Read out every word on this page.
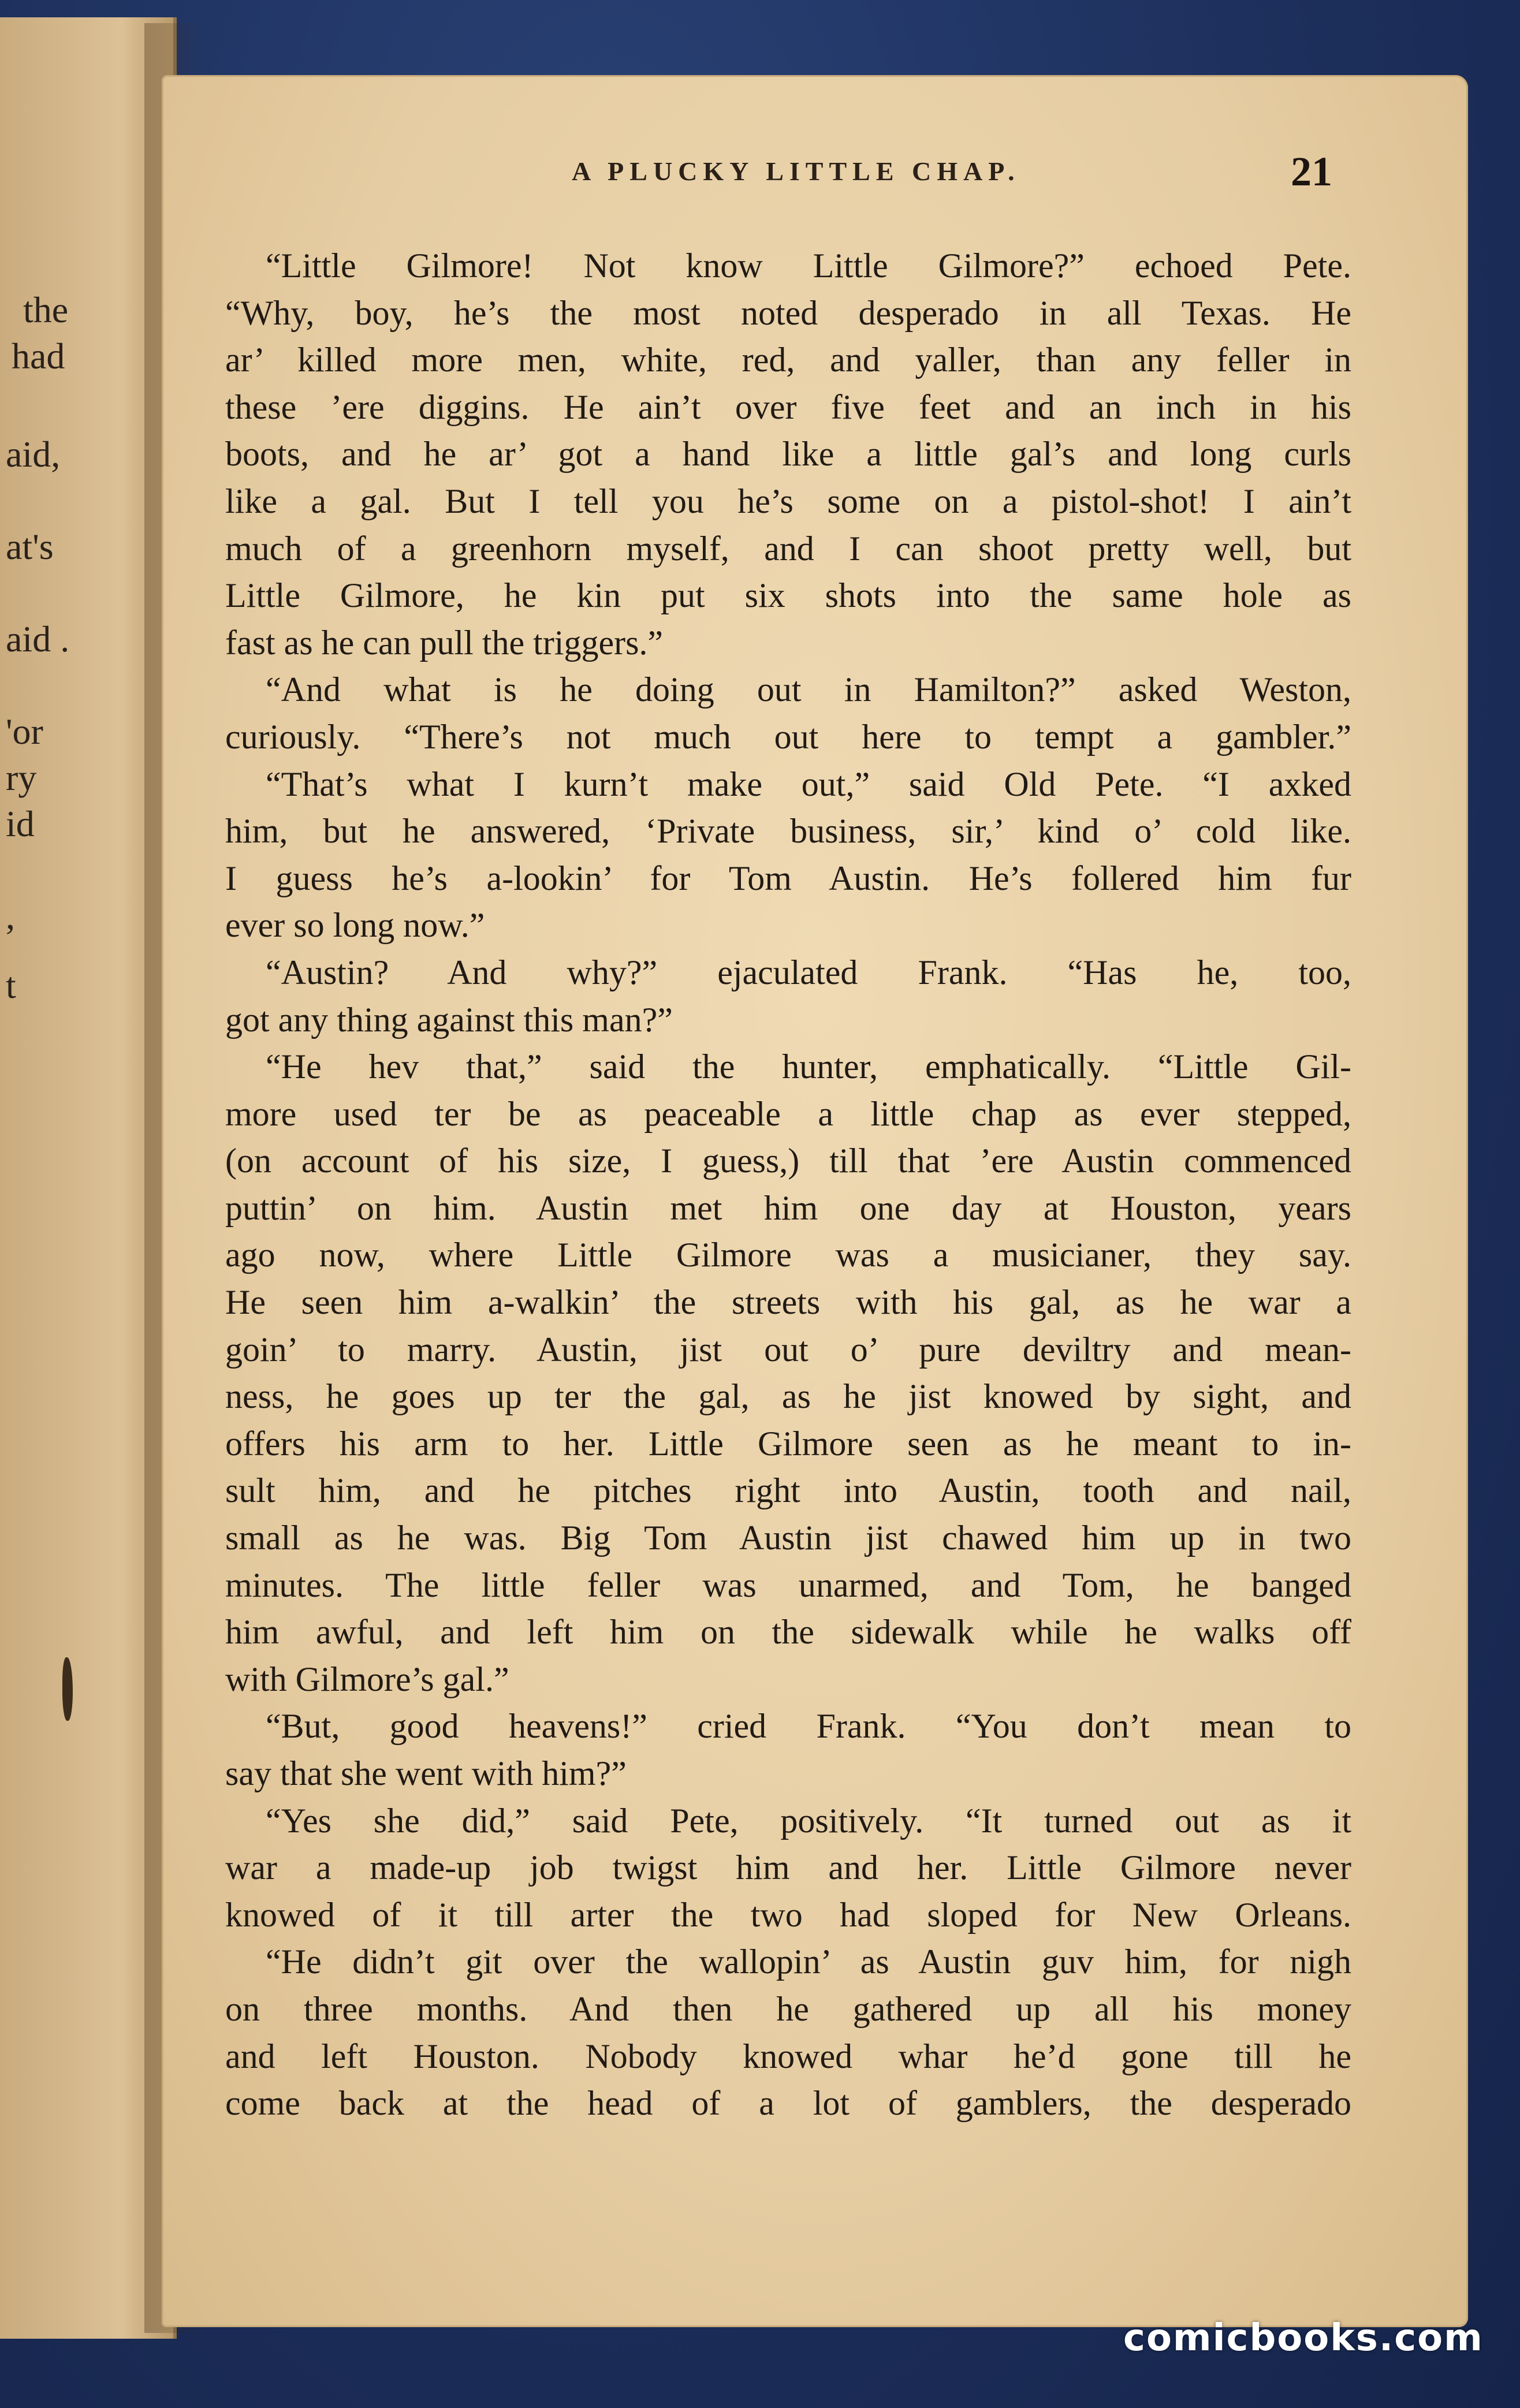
the
had
aid,
at's
aid .
'or
ry
id
,
t
A PLUCKY LITTLE CHAP.	21
“Little Gilmore! Not know Little Gilmore?” echoed Pete.
“Why, boy, he’s the most noted desperado in all Texas. He
ar’ killed more men, white, red, and yaller, than any feller in
these ’ere diggins. He ain’t over five feet and an inch in his
boots, and he ar’ got a hand like a little gal’s and long curls
like a gal. But I tell you he’s some on a pistol-shot! I ain’t
much of a greenhorn myself, and I can shoot pretty well, but
Little Gilmore, he kin put six shots into the same hole as
fast as he can pull the triggers.”
“And what is he doing out in Hamilton?” asked Weston,
curiously. “There’s not much out here to tempt a gambler.”
“That’s what I kurn’t make out,” said Old Pete. “I axked
him, but he answered, ‘Private business, sir,’ kind o’ cold like.
I guess he’s a-lookin’ for Tom Austin. He’s follered him fur
ever so long now.”
“Austin? And why?” ejaculated Frank. “Has he, too,
got any thing against this man?”
“He hev that,” said the hunter, emphatically. “Little Gil-
more used ter be as peaceable a little chap as ever stepped,
(on account of his size, I guess,) till that ’ere Austin commenced
puttin’ on him. Austin met him one day at Houston, years
ago now, where Little Gilmore was a musicianer, they say.
He seen him a-walkin’ the streets with his gal, as he war a
goin’ to marry. Austin, jist out o’ pure deviltry and mean-
ness, he goes up ter the gal, as he jist knowed by sight, and
offers his arm to her. Little Gilmore seen as he meant to in-
sult him, and he pitches right into Austin, tooth and nail,
small as he was. Big Tom Austin jist chawed him up in two
minutes. The little feller was unarmed, and Tom, he banged
him awful, and left him on the sidewalk while he walks off
with Gilmore’s gal.”
“But, good heavens!” cried Frank. “You don’t mean to
say that she went with him?”
“Yes she did,” said Pete, positively. “It turned out as it
war a made-up job twigst him and her. Little Gilmore never
knowed of it till arter the two had sloped for New Orleans.
“He didn’t git over the wallopin’ as Austin guv him, for nigh
on three months. And then he gathered up all his money
and left Houston. Nobody knowed whar he’d gone till he
come back at the head of a lot of gamblers, the desperado
comicbooks.com
